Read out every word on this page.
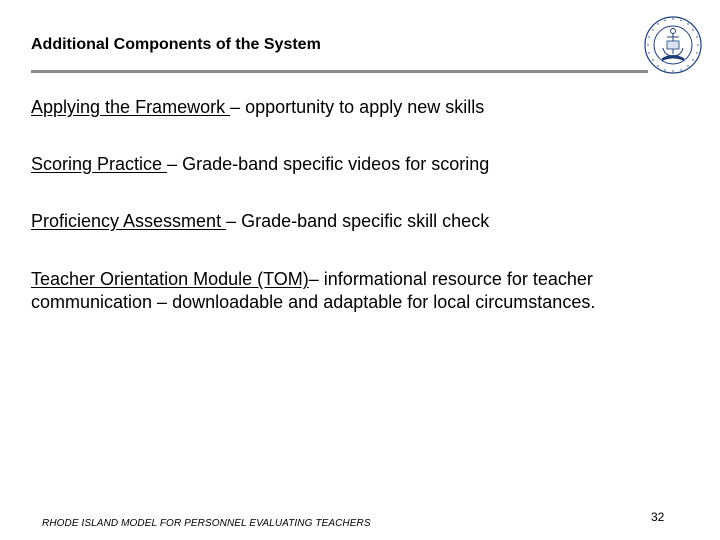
Additional Components of the System
Applying the Framework – opportunity to apply new skills
Scoring Practice – Grade-band specific videos for scoring
Proficiency Assessment – Grade-band specific skill check
Teacher Orientation Module (TOM)– informational resource for teacher communication – downloadable and adaptable for local circumstances.
RHODE ISLAND MODEL FOR PERSONNEL EVALUATING TEACHERS	32
